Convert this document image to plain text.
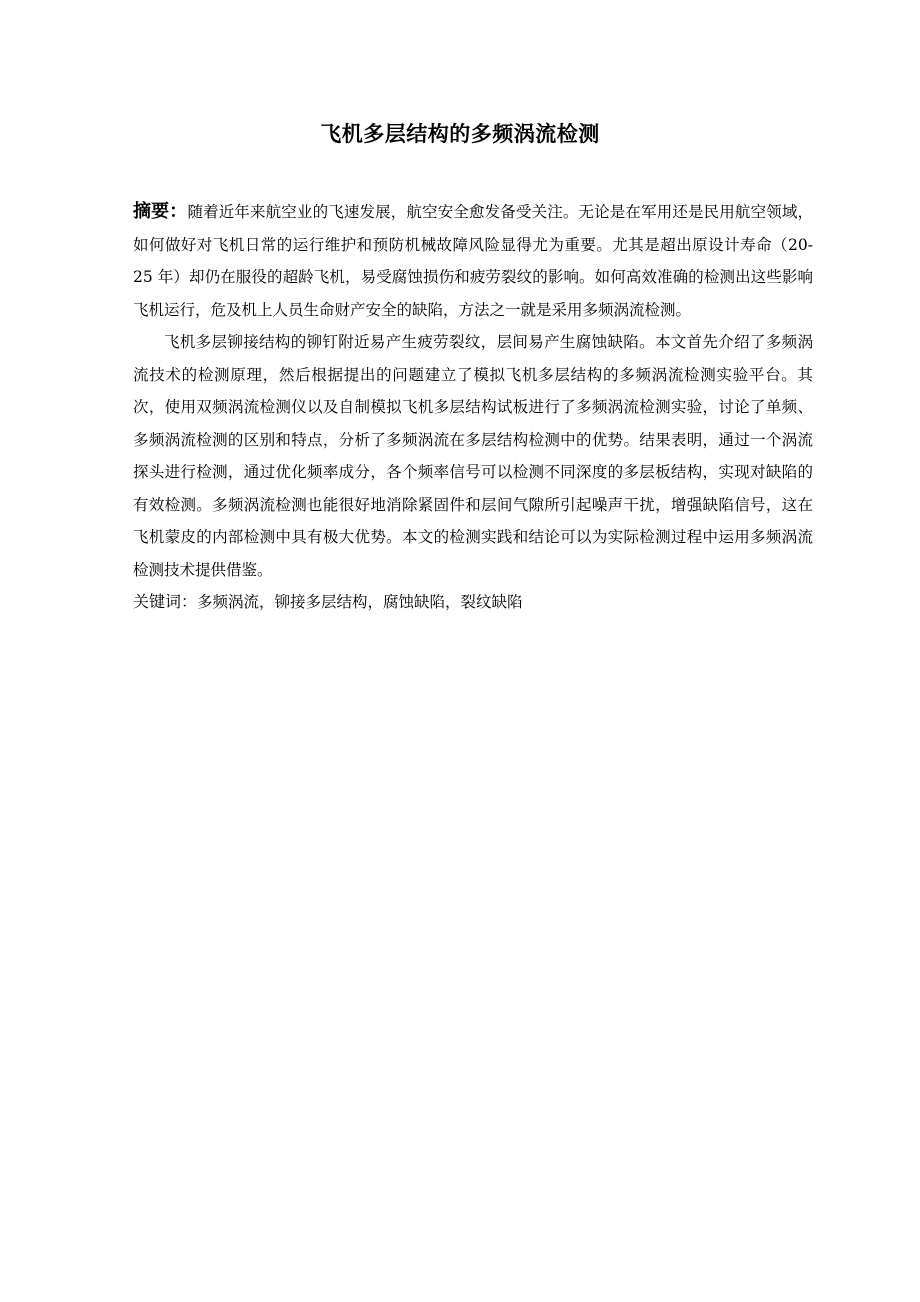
飞机多层结构的多频涡流检测

摘要：随着近年来航空业的飞速发展，航空安全愈发备受关注。无论是在军用还是民用航空领域，如何做好对飞机日常的运行维护和预防机械故障风险显得尤为重要。尤其是超出原设计寿命（20-25 年）却仍在服役的超龄飞机，易受腐蚀损伤和疲劳裂纹的影响。如何高效准确的检测出这些影响飞机运行，危及机上人员生命财产安全的缺陷，方法之一就是采用多频涡流检测。

飞机多层铆接结构的铆钉附近易产生疲劳裂纹，层间易产生腐蚀缺陷。本文首先介绍了多频涡流技术的检测原理，然后根据提出的问题建立了模拟飞机多层结构的多频涡流检测实验平台。其次，使用双频涡流检测仪以及自制模拟飞机多层结构试板进行了多频涡流检测实验，讨论了单频、多频涡流检测的区别和特点，分析了多频涡流在多层结构检测中的优势。结果表明，通过一个涡流探头进行检测，通过优化频率成分，各个频率信号可以检测不同深度的多层板结构，实现对缺陷的有效检测。多频涡流检测也能很好地消除紧固件和层间气隙所引起噪声干扰，增强缺陷信号，这在飞机蒙皮的内部检测中具有极大优势。本文的检测实践和结论可以为实际检测过程中运用多频涡流检测技术提供借鉴。

关键词：多频涡流，铆接多层结构，腐蚀缺陷，裂纹缺陷
